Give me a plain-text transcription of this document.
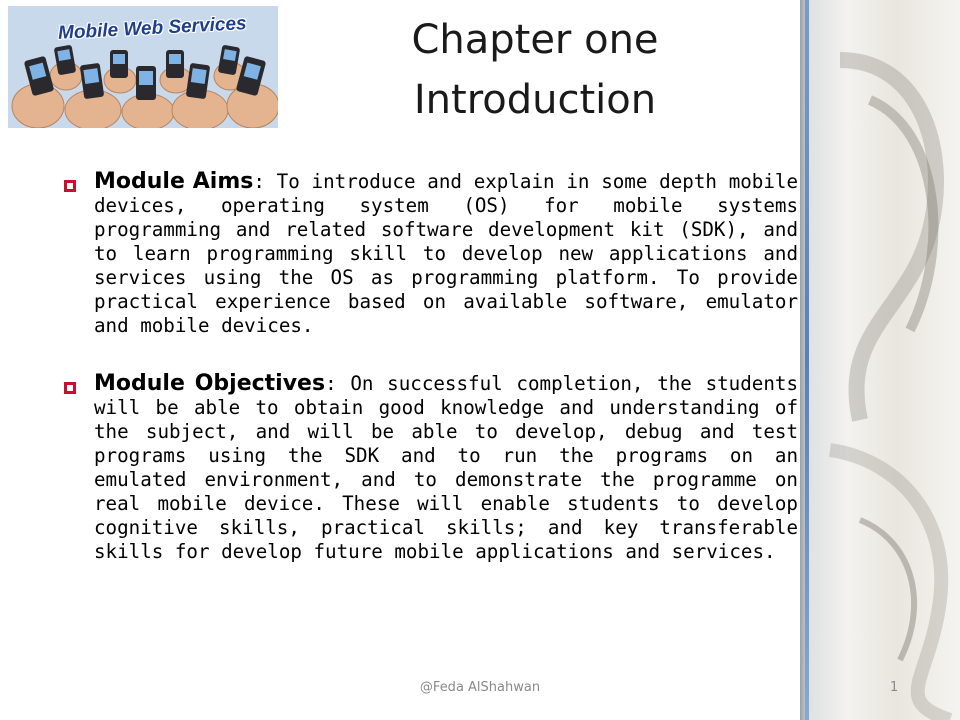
Mobile Web Services	Chapter one
Introduction
Module Aims: To introduce and explain in some depth mobile devices, operating system (OS) for mobile systems programming and related software development kit (SDK), and to learn programming skill to develop new applications and services using the OS as programming platform. To provide practical experience based on available software, emulator and mobile devices.
Module Objectives: On successful completion, the students will be able to obtain good knowledge and understanding of the subject, and will be able to develop, debug and test programs using the SDK and to run the programs on an emulated environment, and to demonstrate the programme on real mobile device. These will enable students to develop cognitive skills, practical skills; and key transferable skills for develop future mobile applications and services.
@Feda AlShahwan	1
